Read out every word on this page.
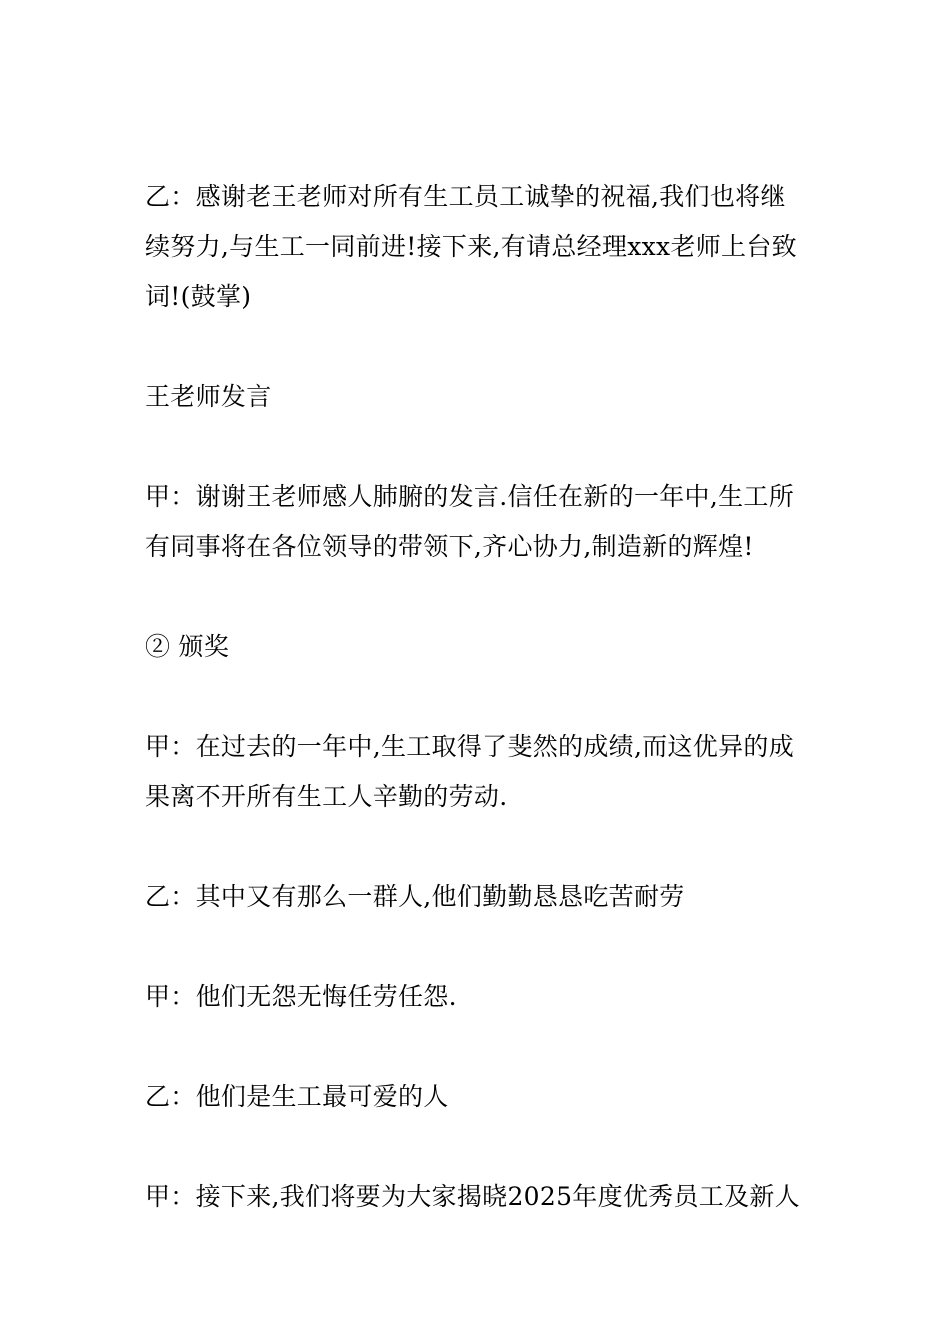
乙：感谢老王老师对所有生工员工诚挚的祝福,我们也将继续努力,与生工一同前进!接下来,有请总经理xxx老师上台致词!(鼓掌)

王老师发言

甲：谢谢王老师感人肺腑的发言.信任在新的一年中,生工所有同事将在各位领导的带领下,齐心协力,制造新的辉煌!

② 颁奖

甲：在过去的一年中,生工取得了斐然的成绩,而这优异的成果离不开所有生工人辛勤的劳动.

乙：其中又有那么一群人,他们勤勤恳恳吃苦耐劳

甲：他们无怨无悔任劳任怨.

乙：他们是生工最可爱的人

甲：接下来,我们将要为大家揭晓2025年度优秀员工及新人
